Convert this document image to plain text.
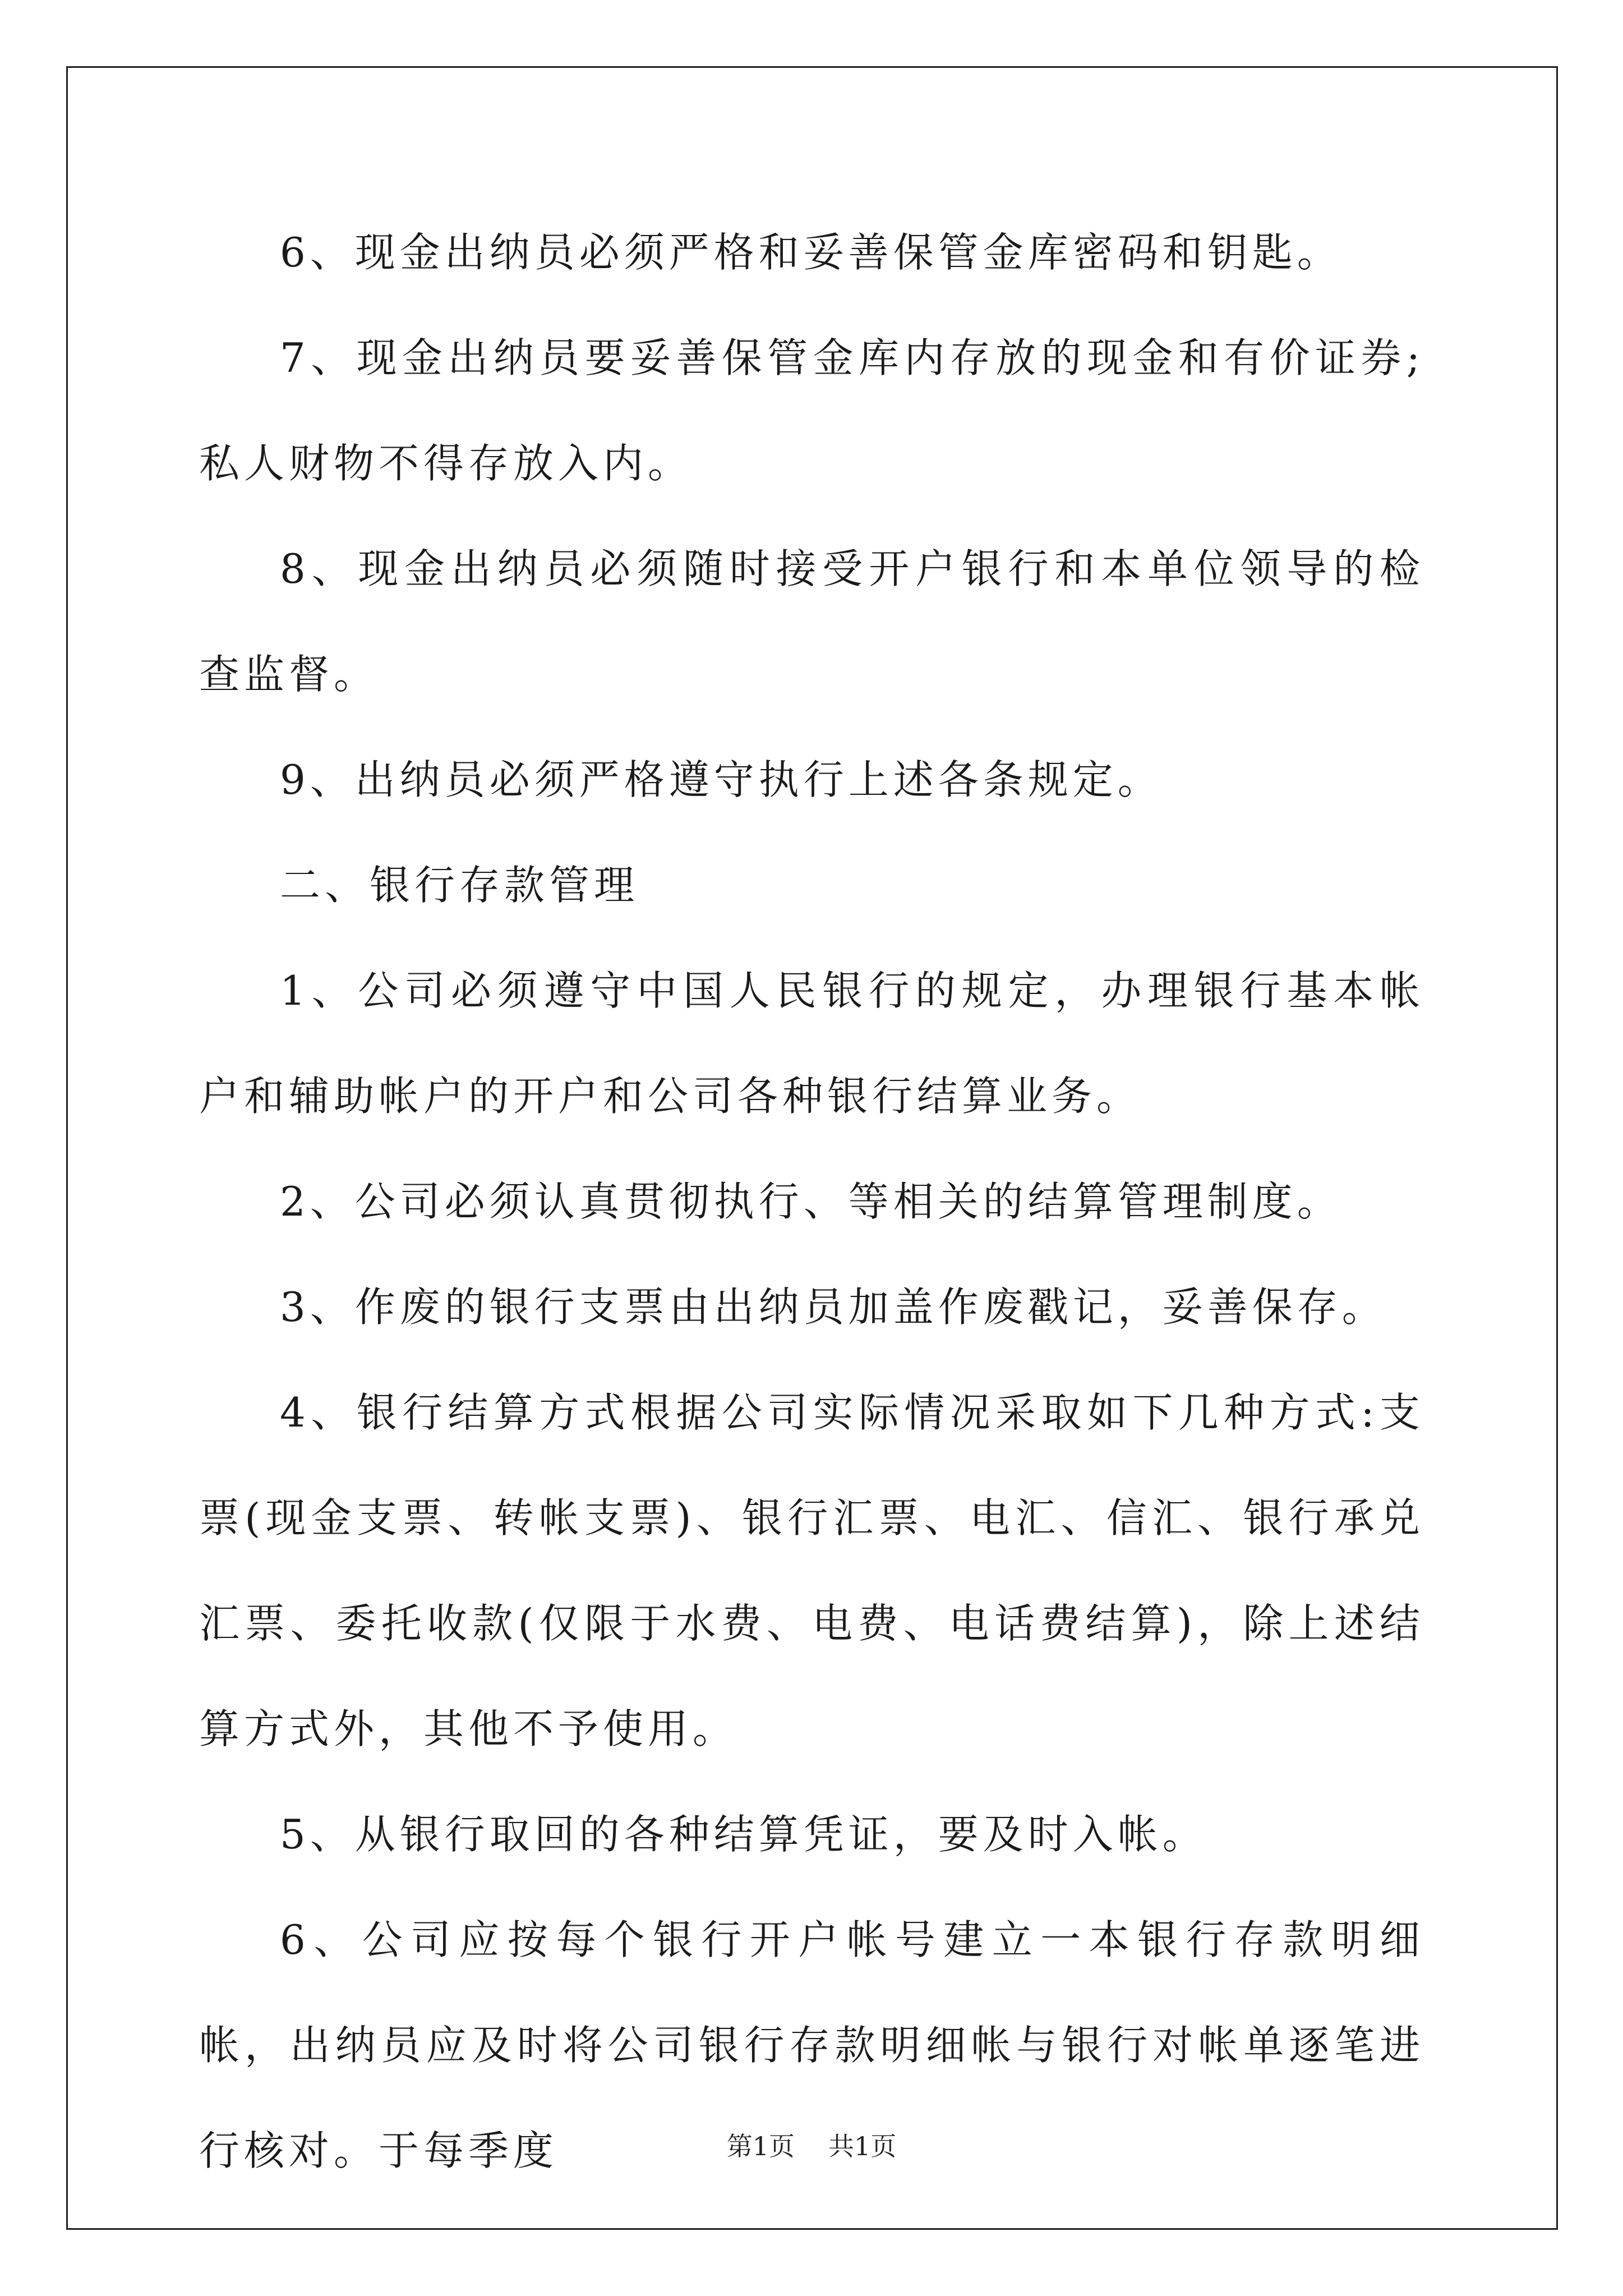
6、现金出纳员必须严格和妥善保管金库密码和钥匙。

7、现金出纳员要妥善保管金库内存放的现金和有价证券;私人财物不得存放入内。

8、现金出纳员必须随时接受开户银行和本单位领导的检查监督。

9、出纳员必须严格遵守执行上述各条规定。

二、银行存款管理

1、公司必须遵守中国人民银行的规定，办理银行基本帐户和辅助帐户的开户和公司各种银行结算业务。

2、公司必须认真贯彻执行、等相关的结算管理制度。

3、作废的银行支票由出纳员加盖作废戳记，妥善保存。

4、银行结算方式根据公司实际情况采取如下几种方式:支票(现金支票、转帐支票)、银行汇票、电汇、信汇、银行承兑汇票、委托收款(仅限于水费、电费、电话费结算)，除上述结算方式外，其他不予使用。

5、从银行取回的各种结算凭证，要及时入帐。

6、公司应按每个银行开户帐号建立一本银行存款明细帐，出纳员应及时将公司银行存款明细帐与银行对帐单逐笔进行核对。于每季度	第1页 共1页
